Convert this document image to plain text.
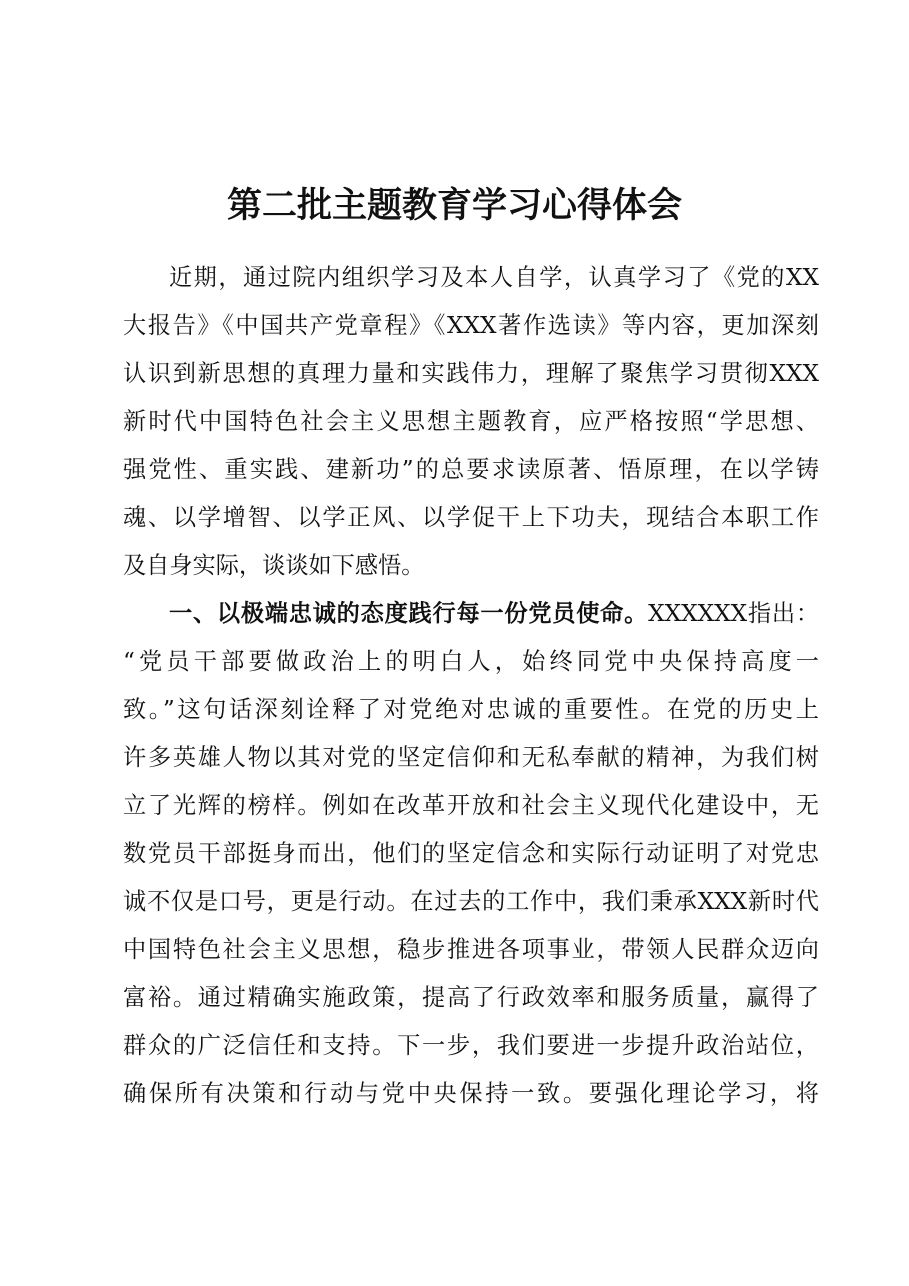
第二批主题教育学习心得体会
近期，通过院内组织学习及本人自学，认真学习了《党的XX
大报告》《中国共产党章程》《XXX著作选读》等内容，更加深刻
认识到新思想的真理力量和实践伟力，理解了聚焦学习贯彻XXX
新时代中国特色社会主义思想主题教育，应严格按照“学思想、
强党性、重实践、建新功”的总要求读原著、悟原理，在以学铸
魂、以学增智、以学正风、以学促干上下功夫，现结合本职工作
及自身实际，谈谈如下感悟。
一、以极端忠诚的态度践行每一份党员使命。XXXXXX指出：
“党员干部要做政治上的明白人，始终同党中央保持高度一
致。”这句话深刻诠释了对党绝对忠诚的重要性。在党的历史上
许多英雄人物以其对党的坚定信仰和无私奉献的精神，为我们树
立了光辉的榜样。例如在改革开放和社会主义现代化建设中，无
数党员干部挺身而出，他们的坚定信念和实际行动证明了对党忠
诚不仅是口号，更是行动。在过去的工作中，我们秉承XXX新时代
中国特色社会主义思想，稳步推进各项事业，带领人民群众迈向
富裕。通过精确实施政策，提高了行政效率和服务质量，赢得了
群众的广泛信任和支持。下一步，我们要进一步提升政治站位，
确保所有决策和行动与党中央保持一致。要强化理论学习，将
